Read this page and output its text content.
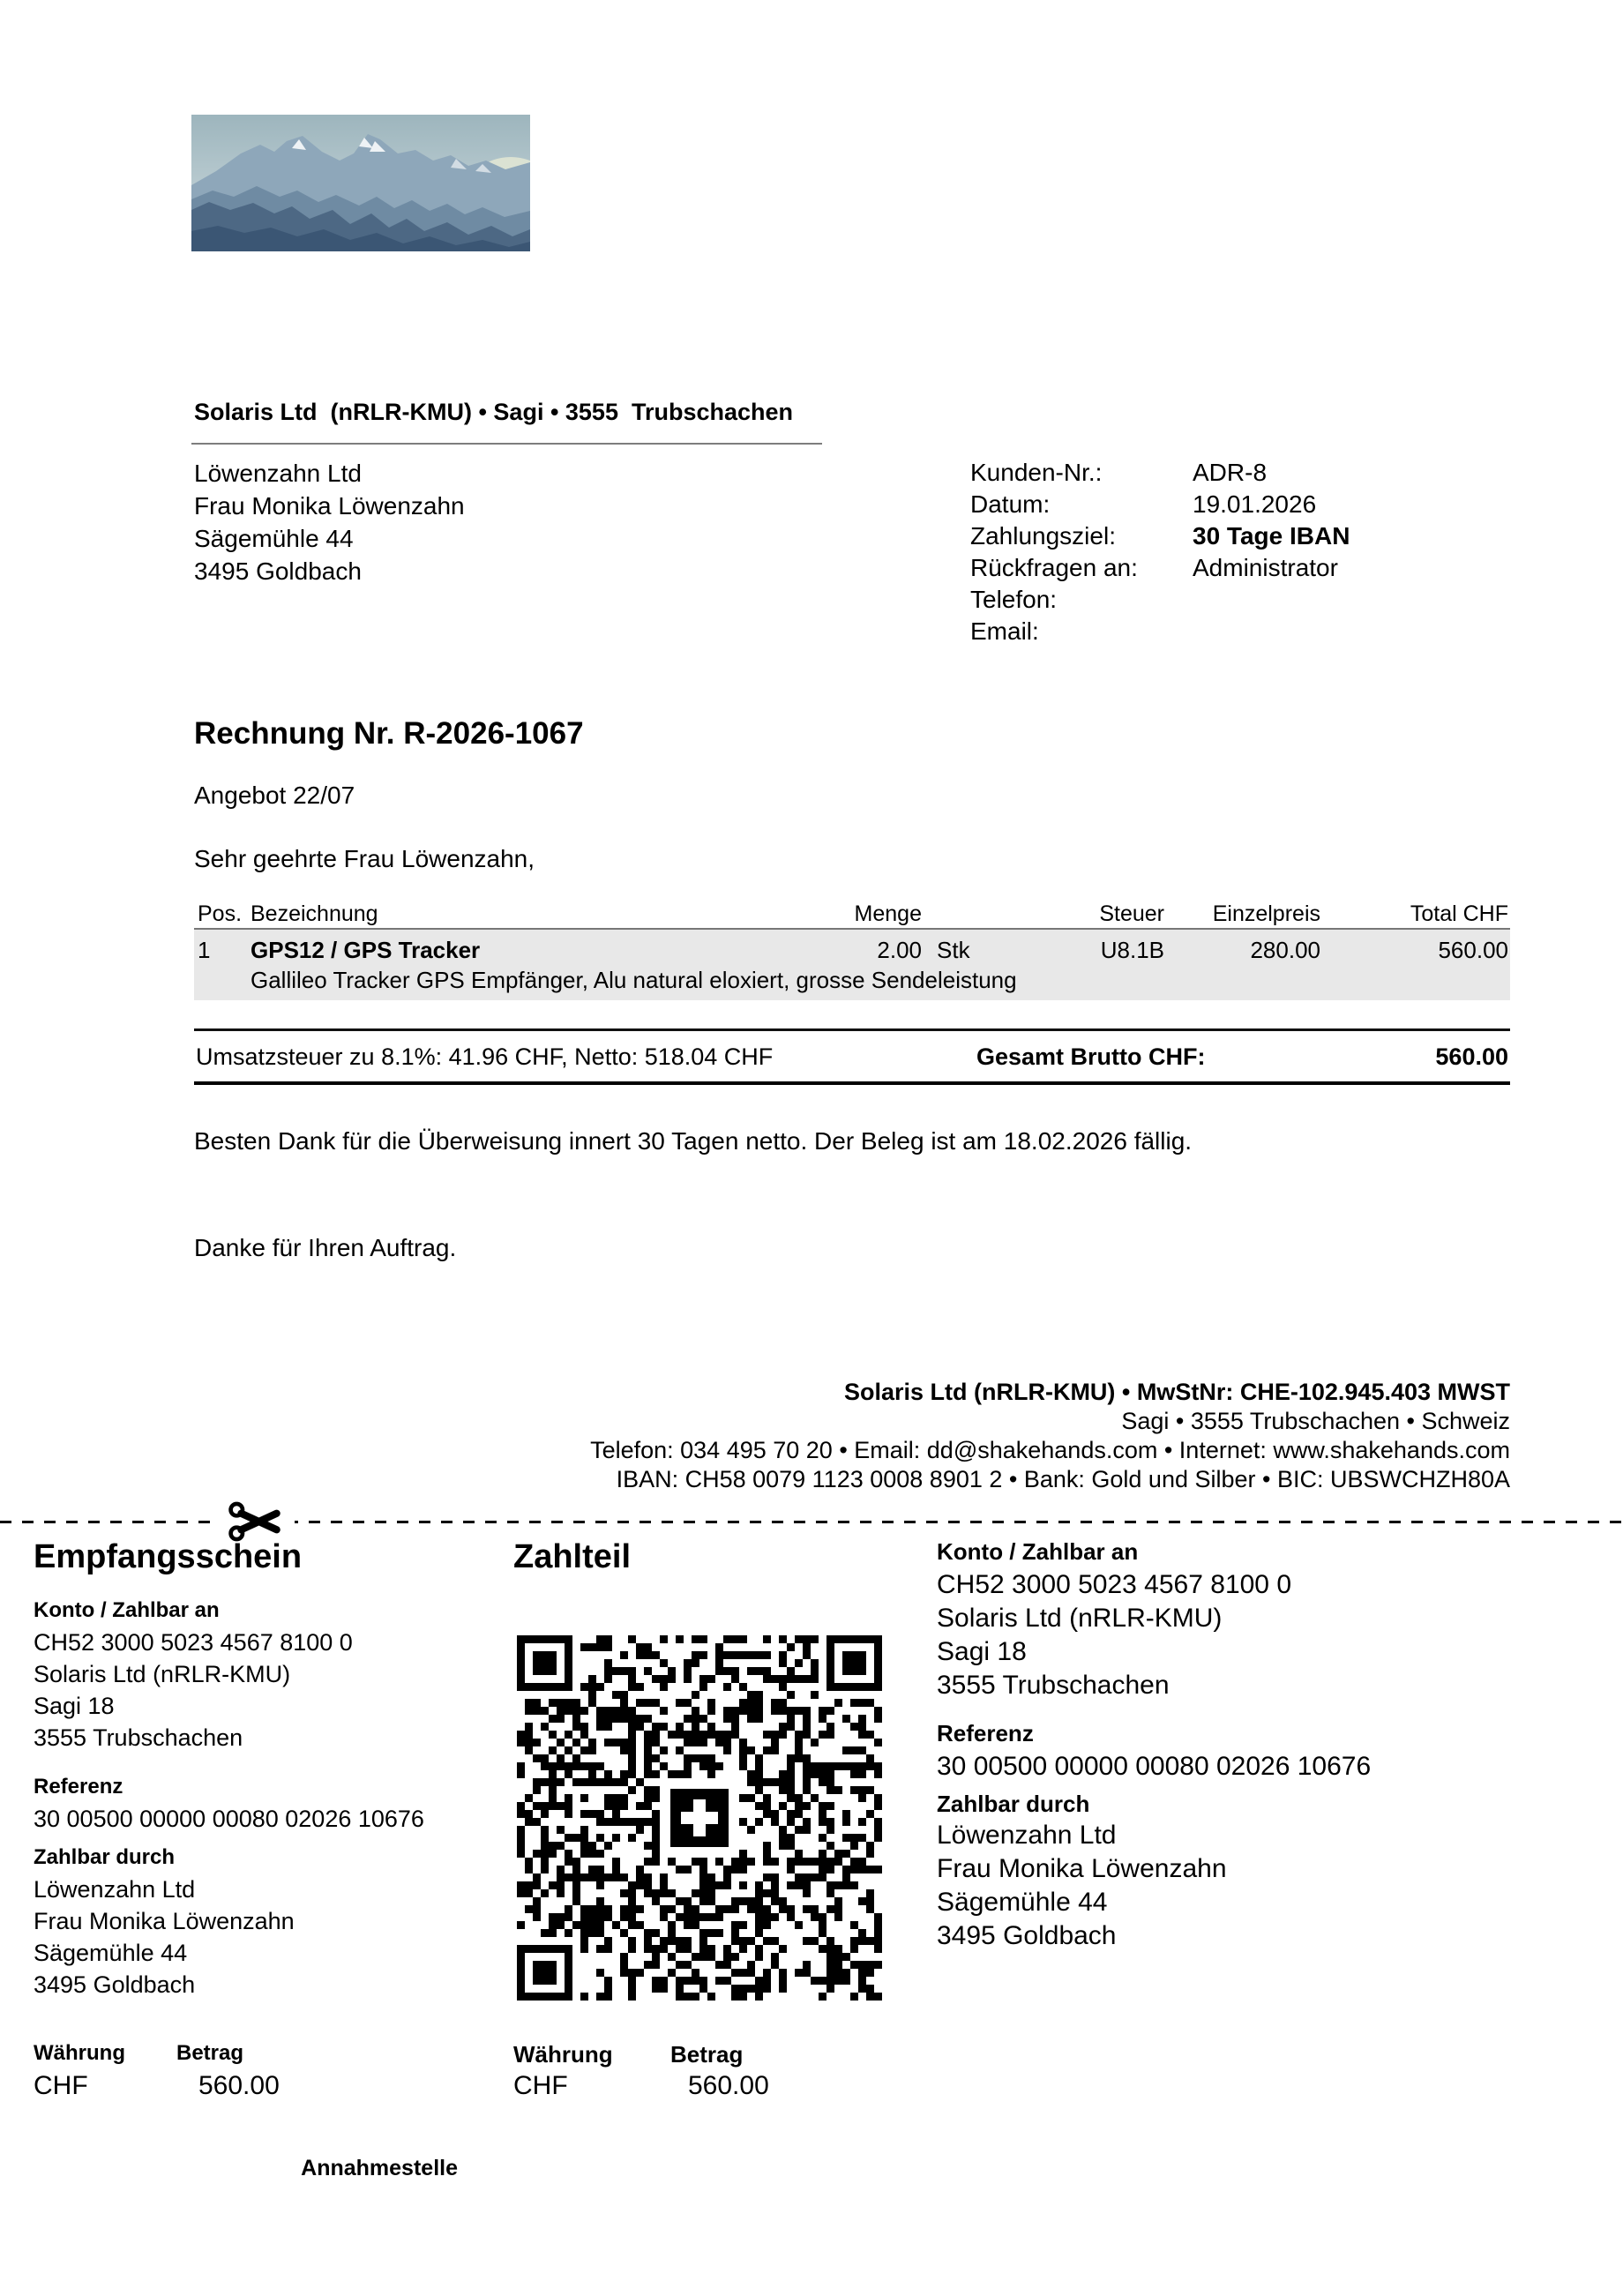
Solaris Ltd  (nRLR-KMU) • Sagi • 3555  Trubschachen
Löwenzahn Ltd
Frau Monika Löwenzahn
Sägemühle 44
3495 Goldbach
Kunden-Nr.:	ADR-8
Datum:	19.01.2026
Zahlungsziel:	30 Tage IBAN
Rückfragen an:	Administrator
Telefon:
Email:
Rechnung Nr. R-2026-1067
Angebot 22/07
Sehr geehrte Frau Löwenzahn,
Pos. Bezeichnung	Menge	Steuer	Einzelpreis	Total CHF
1	GPS12 / GPS Tracker	2.00 Stk	U8.1B	280.00	560.00
Gallileo Tracker GPS Empfänger, Alu natural eloxiert, grosse Sendeleistung
Umsatzsteuer zu 8.1%: 41.96 CHF, Netto: 518.04 CHF	Gesamt Brutto CHF:	560.00
Besten Dank für die Überweisung innert 30 Tagen netto. Der Beleg ist am 18.02.2026 fällig.
Danke für Ihren Auftrag.
Solaris Ltd (nRLR-KMU) • MwStNr: CHE-102.945.403 MWST
Sagi • 3555 Trubschachen • Schweiz
Telefon: 034 495 70 20 • Email: dd@shakehands.com • Internet: www.shakehands.com
IBAN: CH58 0079 1123 0008 8901 2 • Bank: Gold und Silber • BIC: UBSWCHZH80A
Empfangsschein
Konto / Zahlbar an
CH52 3000 5023 4567 8100 0
Solaris Ltd (nRLR-KMU)
Sagi 18
3555 Trubschachen
Referenz
30 00500 00000 00080 02026 10676
Zahlbar durch
Löwenzahn Ltd
Frau Monika Löwenzahn
Sägemühle 44
3495 Goldbach
Währung Betrag
CHF	560.00
Annahmestelle
Zahlteil	Konto / Zahlbar an
CH52 3000 5023 4567 8100 0
Solaris Ltd (nRLR-KMU)
Sagi 18
3555 Trubschachen
Referenz
30 00500 00000 00080 02026 10676
Zahlbar durch
Löwenzahn Ltd
Frau Monika Löwenzahn
Sägemühle 44
3495 Goldbach
Währung	Betrag
CHF	560.00
